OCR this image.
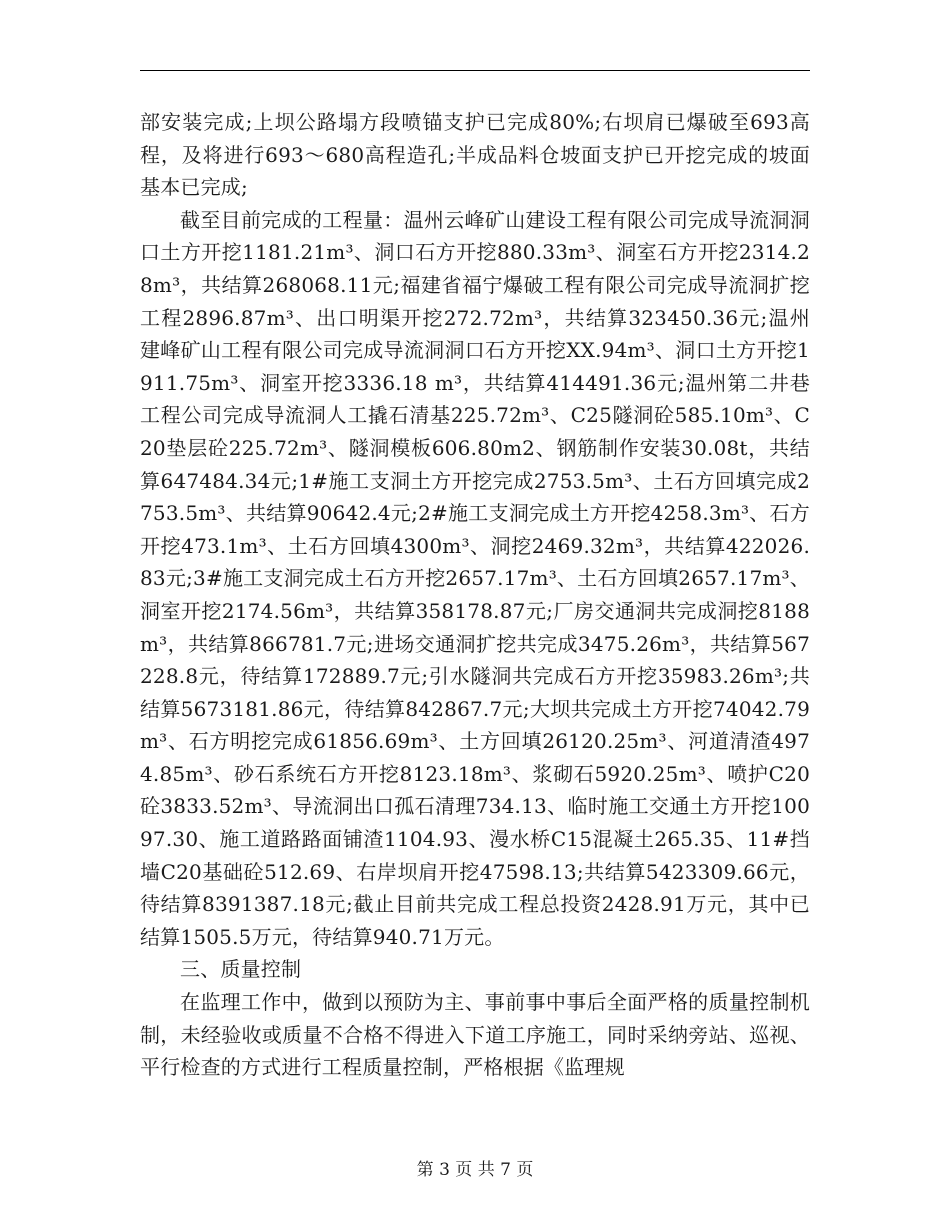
部安装完成;上坝公路塌方段喷锚支护已完成80%;右坝肩已爆破至693高程，及将进行693～680高程造孔;半成品料仓坡面支护已开挖完成的坡面基本已完成;

截至目前完成的工程量：温州云峰矿山建设工程有限公司完成导流洞洞口土方开挖1181.21m³、洞口石方开挖880.33m³、洞室石方开挖2314.28m³，共结算268068.11元;福建省福宁爆破工程有限公司完成导流洞扩挖工程2896.87m³、出口明渠开挖272.72m³，共结算323450.36元;温州建峰矿山工程有限公司完成导流洞洞口石方开挖XX.94m³、洞口土方开挖1911.75m³、洞室开挖3336.18 m³，共结算414491.36元;温州第二井巷工程公司完成导流洞人工撬石清基225.72m³、C25隧洞砼585.10m³、C20垫层砼225.72m³、隧洞模板606.80m2、钢筋制作安装30.08t，共结算647484.34元;1#施工支洞土方开挖完成2753.5m³、土石方回填完成2753.5m³、共结算90642.4元;2#施工支洞完成土方开挖4258.3m³、石方开挖473.1m³、土石方回填4300m³、洞挖2469.32m³，共结算422026.83元;3#施工支洞完成土石方开挖2657.17m³、土石方回填2657.17m³、洞室开挖2174.56m³，共结算358178.87元;厂房交通洞共完成洞挖8188m³，共结算866781.7元;进场交通洞扩挖共完成3475.26m³，共结算567228.8元，待结算172889.7元;引水隧洞共完成石方开挖35983.26m³;共结算5673181.86元，待结算842867.7元;大坝共完成土方开挖74042.79m³、石方明挖完成61856.69m³、土方回填26120.25m³、河道清渣4974.85m³、砂石系统石方开挖8123.18m³、浆砌石5920.25m³、喷护C20砼3833.52m³、导流洞出口孤石清理734.13、临时施工交通土方开挖10097.30、施工道路路面铺渣1104.93、漫水桥C15混凝土265.35、11#挡墙C20基础砼512.69、右岸坝肩开挖47598.13;共结算5423309.66元，待结算8391387.18元;截止目前共完成工程总投资2428.91万元，其中已结算1505.5万元，待结算940.71万元。

三、质量控制

在监理工作中，做到以预防为主、事前事中事后全面严格的质量控制机制，未经验收或质量不合格不得进入下道工序施工，同时采纳旁站、巡视、平行检查的方式进行工程质量控制，严格根据《监理规

第 3 页 共 7 页
